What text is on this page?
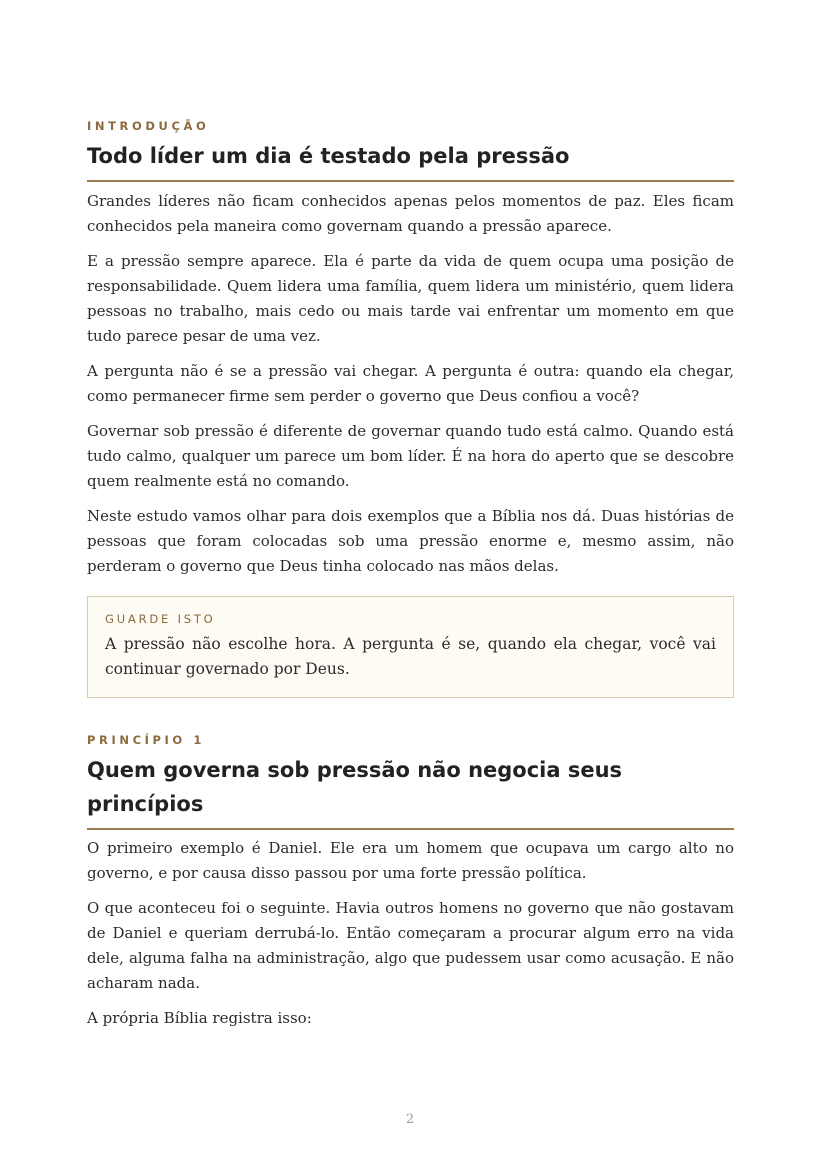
INTRODUÇÃO

Todo líder um dia é testado pela pressão

Grandes líderes não ficam conhecidos apenas pelos momentos de paz. Eles ficam conhecidos pela maneira como governam quando a pressão aparece.

E a pressão sempre aparece. Ela é parte da vida de quem ocupa uma posição de responsabilidade. Quem lidera uma família, quem lidera um ministério, quem lidera pessoas no trabalho, mais cedo ou mais tarde vai enfrentar um momento em que tudo parece pesar de uma vez.

A pergunta não é se a pressão vai chegar. A pergunta é outra: quando ela chegar, como permanecer firme sem perder o governo que Deus confiou a você?

Governar sob pressão é diferente de governar quando tudo está calmo. Quando está tudo calmo, qualquer um parece um bom líder. É na hora do aperto que se descobre quem realmente está no comando.

Neste estudo vamos olhar para dois exemplos que a Bíblia nos dá. Duas histórias de pessoas que foram colocadas sob uma pressão enorme e, mesmo assim, não perderam o governo que Deus tinha colocado nas mãos delas.

GUARDE ISTO

A pressão não escolhe hora. A pergunta é se, quando ela chegar, você vai continuar governado por Deus.

PRINCÍPIO 1

Quem governa sob pressão não negocia seus princípios

O primeiro exemplo é Daniel. Ele era um homem que ocupava um cargo alto no governo, e por causa disso passou por uma forte pressão política.

O que aconteceu foi o seguinte. Havia outros homens no governo que não gostavam de Daniel e queriam derrubá-lo. Então começaram a procurar algum erro na vida dele, alguma falha na administração, algo que pudessem usar como acusação. E não acharam nada.

A própria Bíblia registra isso:

2
